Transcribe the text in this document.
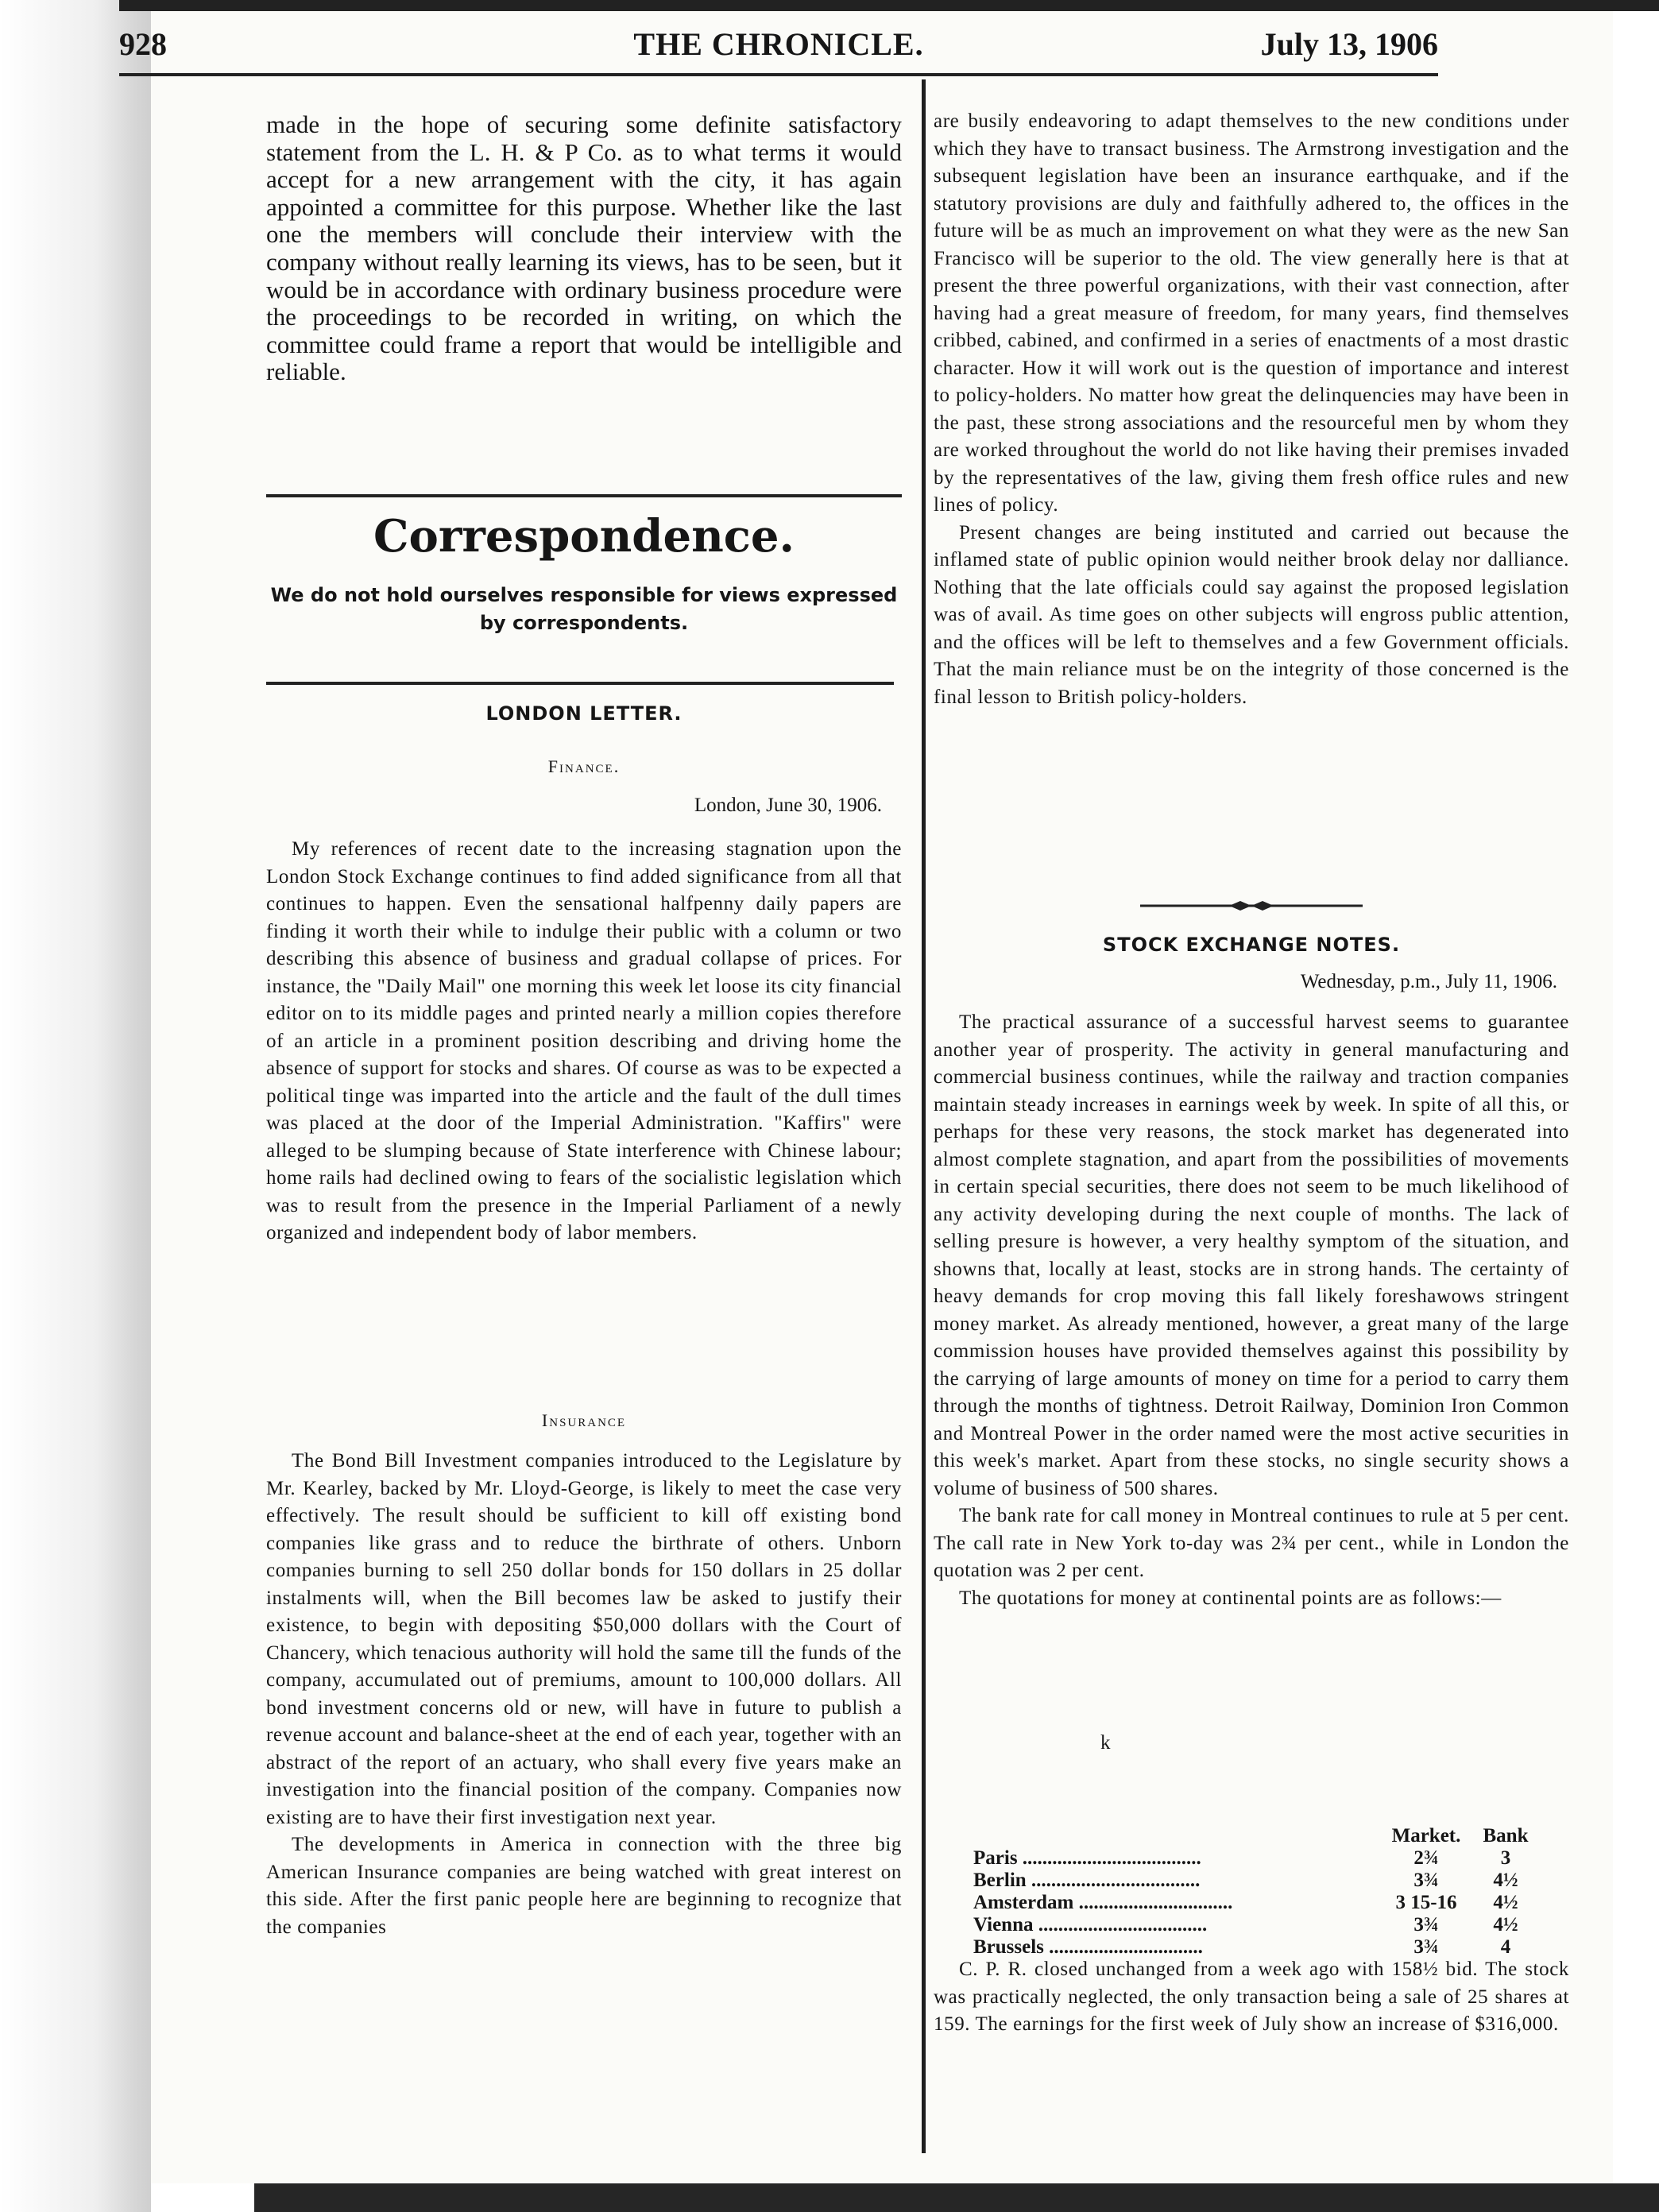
928	THE CHRONICLE.	July 13, 1906

made in the hope of securing some definite satisfactory statement from the L. H. & P Co. as to what terms it would accept for a new arrangement with the city, it has again appointed a committee for this purpose. Whether like the last one the members will conclude their interview with the company without really learning its views, has to be seen, but it would be in accordance with ordinary business procedure were the proceedings to be recorded in writing, on which the committee could frame a report that would be intelligible and reliable.

Correspondence.
We do not hold ourselves responsible for views expressed by correspondents.
LONDON LETTER.
Finance.
London, June 30, 1906.

My references of recent date to the increasing stagnation upon the London Stock Exchange continues to find added significance from all that continues to happen. Even the sensational halfpenny daily papers are finding it worth their while to indulge their public with a column or two describing this absence of business and gradual collapse of prices. For instance, the "Daily Mail" one morning this week let loose its city financial editor on to its middle pages and printed nearly a million copies therefore of an article in a prominent position describing and driving home the absence of support for stocks and shares. Of course as was to be expected a political tinge was imparted into the article and the fault of the dull times was placed at the door of the Imperial Administration. "Kaffirs" were alleged to be slumping because of State interference with Chinese labour; home rails had declined owing to fears of the socialistic legislation which was to result from the presence in the Imperial Parliament of a newly organized and independent body of labor members.

Insurance

The Bond Bill Investment companies introduced to the Legislature by Mr. Kearley, backed by Mr. Lloyd-George, is likely to meet the case very effectively. The result should be sufficient to kill off existing bond companies like grass and to reduce the birthrate of others. Unborn companies burning to sell 250 dollar bonds for 150 dollars in 25 dollar instalments will, when the Bill becomes law be asked to justify their existence, to begin with depositing $50,000 dollars with the Court of Chancery, which tenacious authority will hold the same till the funds of the company, accumulated out of premiums, amount to 100,000 dollars. All bond investment concerns old or new, will have in future to publish a revenue account and balance-sheet at the end of each year, together with an abstract of the report of an actuary, who shall every five years make an investigation into the financial position of the company. Companies now existing are to have their first investigation next year.

The developments in America in connection with the three big American Insurance companies are being watched with great interest on this side. After the first panic people here are beginning to recognize that the companies

are busily endeavoring to adapt themselves to the new conditions under which they have to transact business. The Armstrong investigation and the subsequent legislation have been an insurance earthquake, and if the statutory provisions are duly and faithfully adhered to, the offices in the future will be as much an improvement on what they were as the new San Francisco will be superior to the old. The view generally here is that at present the three powerful organizations, with their vast connection, after having had a great measure of freedom, for many years, find themselves cribbed, cabined, and confirmed in a series of enactments of a most drastic character. How it will work out is the question of importance and interest to policy-holders. No matter how great the delinquencies may have been in the past, these strong associations and the resourceful men by whom they are worked throughout the world do not like having their premises invaded by the representatives of the law, giving them fresh office rules and new lines of policy.

Present changes are being instituted and carried out because the inflamed state of public opinion would neither brook delay nor dalliance. Nothing that the late officials could say against the proposed legislation was of avail. As time goes on other subjects will engross public attention, and the offices will be left to themselves and a few Government officials. That the main reliance must be on the integrity of those concerned is the final lesson to British policy-holders.

STOCK EXCHANGE NOTES.
Wednesday, p.m., July 11, 1906.

The practical assurance of a successful harvest seems to guarantee another year of prosperity. The activity in general manufacturing and commercial business continues, while the railway and traction companies maintain steady increases in earnings week by week. In spite of all this, or perhaps for these very reasons, the stock market has degenerated into almost complete stagnation, and apart from the possibilities of movements in certain special securities, there does not seem to be much likelihood of any activity developing during the next couple of months. The lack of selling presure is however, a very healthy symptom of the situation, and showns that, locally at least, stocks are in strong hands. The certainty of heavy demands for crop moving this fall likely foreshawows stringent money market. As already mentioned, however, a great many of the large commission houses have provided themselves against this possibility by the carrying of large amounts of money on time for a period to carry them through the months of tightness. Detroit Railway, Dominion Iron Common and Montreal Power in the order named were the most active securities in this week's market. Apart from these stocks, no single security shows a volume of business of 500 shares.

The bank rate for call money in Montreal continues to rule at 5 per cent. The call rate in New York to-day was 2¾ per cent., while in London the quotation was 2 per cent.

The quotations for money at continental points are as follows:—

k
	Market.	Bank
Paris ....................................	2¾	3
Berlin ..................................	3¾	4½
Amsterdam ...............................	3 15-16	4½
Vienna ..................................	3¾	4½
Brussels ...............................	3¾	4

C. P. R. closed unchanged from a week ago with 158½ bid. The stock was practically neglected, the only transaction being a sale of 25 shares at 159. The earnings for the first week of July show an increase of $316,000.
